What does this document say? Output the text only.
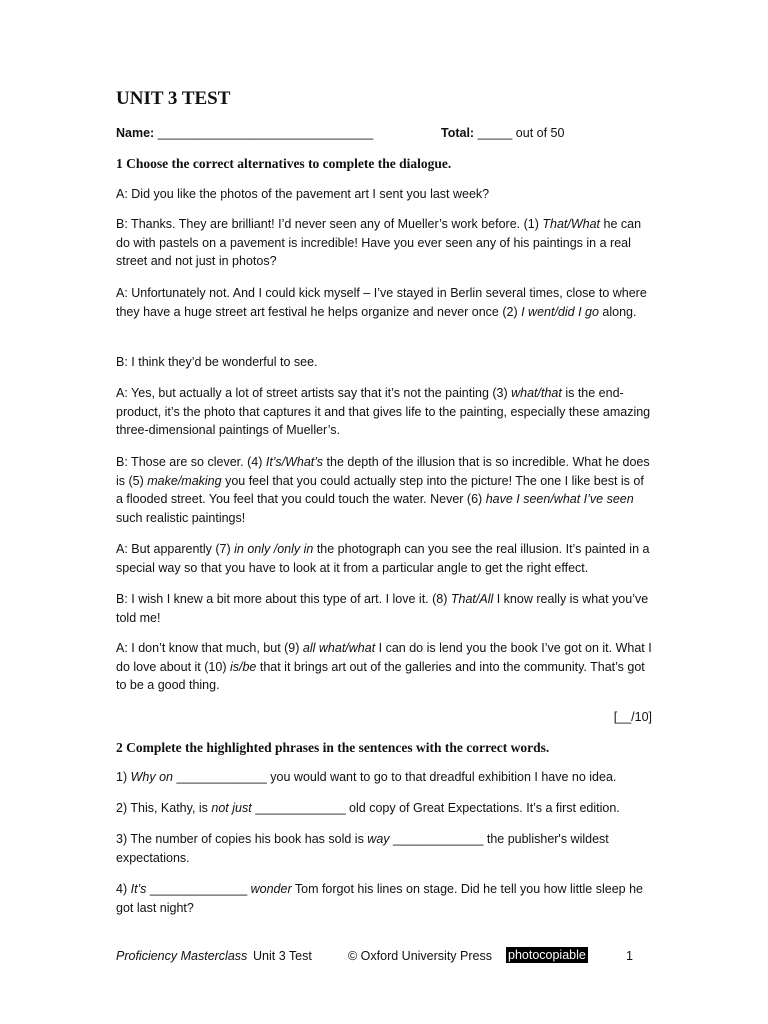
UNIT 3 TEST
Name: _______________________________	Total: _____ out of 50
1 Choose the correct alternatives to complete the dialogue.

A: Did you like the photos of the pavement art I sent you last week?

B: Thanks. They are brilliant! I’d never seen any of Mueller’s work before. (1) That/What he can do with pastels on a pavement is incredible! Have you ever seen any of his paintings in a real street and not just in photos?

A: Unfortunately not. And I could kick myself – I’ve stayed in Berlin several times, close to where they have a huge street art festival he helps organize and never once (2) I went/did I go along.

B: I think they’d be wonderful to see.

A: Yes, but actually a lot of street artists say that it’s not the painting (3) what/that is the end-product, it’s the photo that captures it and that gives life to the painting, especially these amazing three-dimensional paintings of Mueller’s.

B: Those are so clever. (4) It’s/What’s the depth of the illusion that is so incredible. What he does is (5) make/making you feel that you could actually step into the picture! The one I like best is of a flooded street. You feel that you could touch the water. Never (6) have I seen/what I’ve seen such realistic paintings!

A: But apparently (7) in only /only in the photograph can you see the real illusion. It’s painted in a special way so that you have to look at it from a particular angle to get the right effect.

B: I wish I knew a bit more about this type of art. I love it. (8) That/All I know really is what you’ve told me!

A: I don’t know that much, but (9) all what/what I can do is lend you the book I’ve got on it. What I do love about it (10) is/be that it brings art out of the galleries and into the community. That’s got to be a good thing.

[__/10]
2 Complete the highlighted phrases in the sentences with the correct words.

1) Why on _____________ you would want to go to that dreadful exhibition I have no idea.

2) This, Kathy, is not just _____________ old copy of Great Expectations. It’s a first edition.

3) The number of copies his book has sold is way _____________ the publisher's wildest expectations.

4) It’s ______________ wonder Tom forgot his lines on stage. Did he tell you how little sleep he got last night?

Proficiency Masterclass Unit 3 Test	© Oxford University Press photocopiable	1
